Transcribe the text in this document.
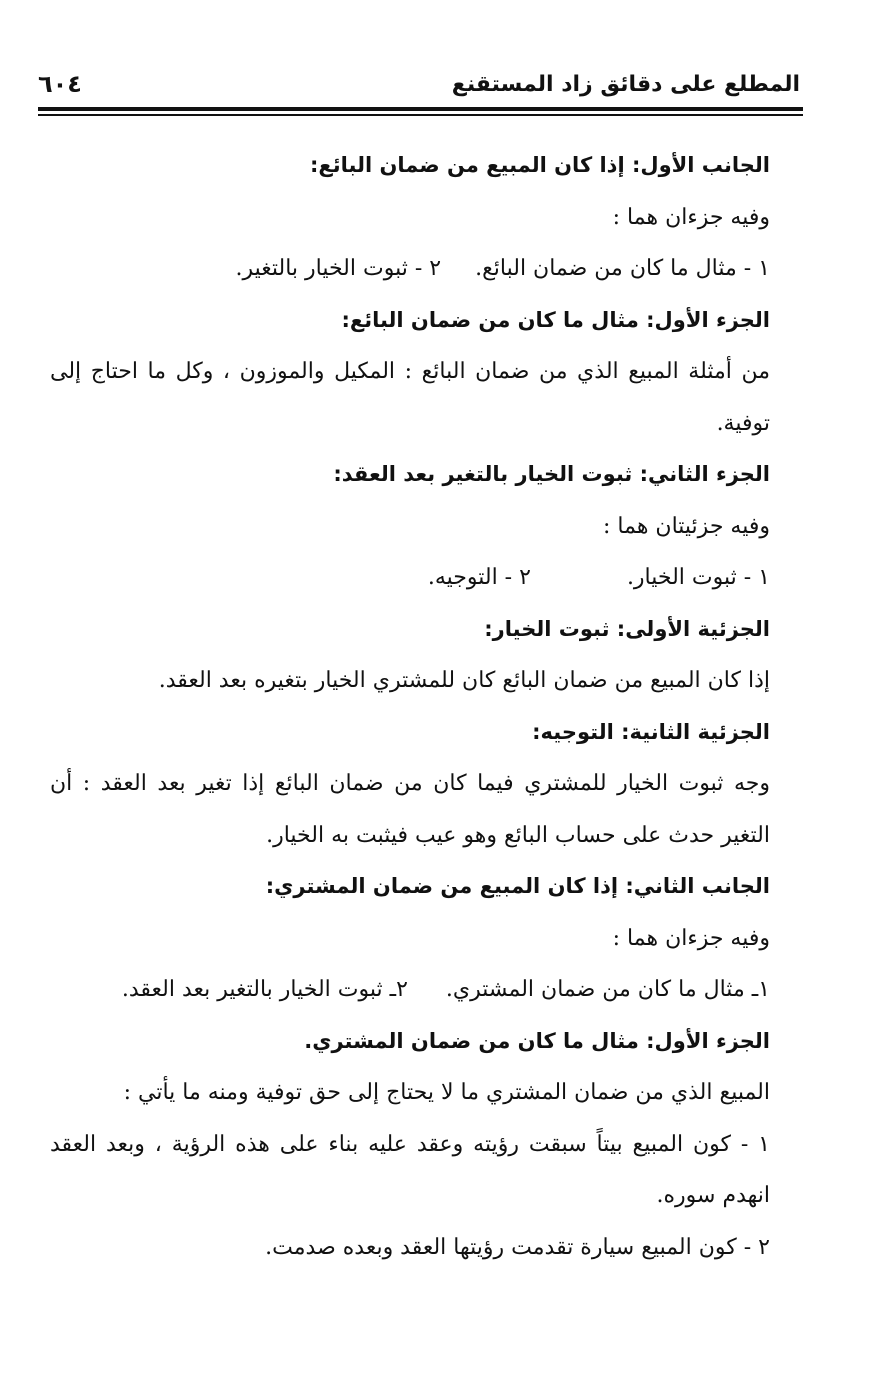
المطلع على دقائق زاد المستقنع
٦٠٤
الجانب الأول: إذا كان المبيع من ضمان البائع:
وفيه جزءان هما :
١ - مثال ما كان من ضمان البائع.٢ - ثبوت الخيار بالتغير.
الجزء الأول: مثال ما كان من ضمان البائع:
من أمثلة المبيع الذي من ضمان البائع : المكيل والموزون ، وكل ما احتاج إلى توفية.
الجزء الثاني: ثبوت الخيار بالتغير بعد العقد:
وفيه جزئيتان هما :
١ - ثبوت الخيار.٢ - التوجيه.
الجزئية الأولى: ثبوت الخيار:
إذا كان المبيع من ضمان البائع كان للمشتري الخيار بتغيره بعد العقد.
الجزئية الثانية: التوجيه:
وجه ثبوت الخيار للمشتري فيما كان من ضمان البائع إذا تغير بعد العقد : أن التغير حدث على حساب البائع وهو عيب فيثبت به الخيار.
الجانب الثاني: إذا كان المبيع من ضمان المشتري:
وفيه جزءان هما :
١ـ مثال ما كان من ضمان المشتري.٢ـ ثبوت الخيار بالتغير بعد العقد.
الجزء الأول: مثال ما كان من ضمان المشتري.
المبيع الذي من ضمان المشتري ما لا يحتاج إلى حق توفية ومنه ما يأتي :
١ - كون المبيع بيتاً سبقت رؤيته وعقد عليه بناء على هذه الرؤية ، وبعد العقد انهدم سوره.
٢ - كون المبيع سيارة تقدمت رؤيتها العقد وبعده صدمت.
